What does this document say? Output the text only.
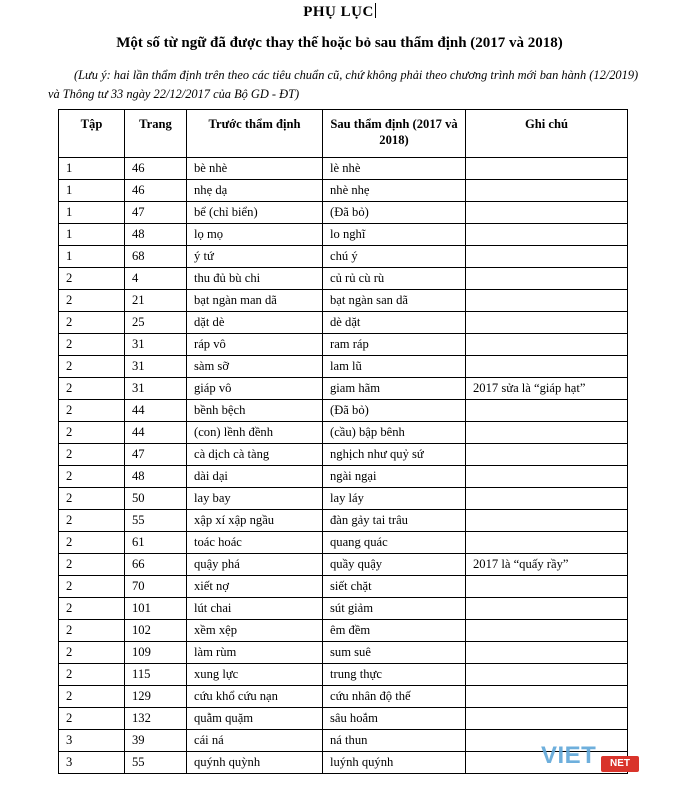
PHỤ LỤC
Một số từ ngữ đã được thay thế hoặc bỏ sau thẩm định (2017 và 2018)
(Lưu ý: hai lần thẩm định trên theo các tiêu chuẩn cũ, chứ không phải theo chương trình mới ban hành (12/2019) và Thông tư 33 ngày 22/12/2017 của Bộ GD - ĐT)
Tập	Trang	Trước thẩm định	Sau thẩm định (2017 và 2018)	Ghi chú
1	46	bè nhè	lè nhè	
1	46	nhẹ dạ	nhè nhẹ	
1	47	bể (chỉ biển)	(Đã bỏ)	
1	48	lọ mọ	lo nghĩ	
1	68	ý tứ	chú ý	
2	4	thu đủ bù chi	củ rủ cù rù	
2	21	bạt ngàn man dã	bạt ngàn san dã	
2	25	dặt dè	dè dặt	
2	31	ráp vô	ram ráp	
2	31	sàm sỡ	lam lũ	
2	31	giáp vô	giam hãm	2017 sửa là “giáp hạt”
2	44	bềnh bệch	(Đã bỏ)	
2	44	(con) lềnh đềnh	(cầu) bập bênh	
2	47	cà dịch cà tàng	nghịch như quỷ sứ	
2	48	dài dại	ngài ngại	
2	50	lay bay	lay láy	
2	55	xập xí xập ngầu	đàn gảy tai trâu	
2	61	toác hoác	quang quác	
2	66	quậy phá	quầy quậy	2017 là “quấy rầy”
2	70	xiết nợ	siết chặt	
2	101	lút chai	sút giảm	
2	102	xềm xệp	êm đềm	
2	109	làm rùm	sum suê	
2	115	xung lực	trung thực	
2	129	cứu khổ cứu nạn	cứu nhân độ thế	
2	132	quằm quặm	sâu hoắm	
3	39	cái ná	ná thun	
3	55	quýnh quỳnh	luýnh quýnh		VIET	NET
